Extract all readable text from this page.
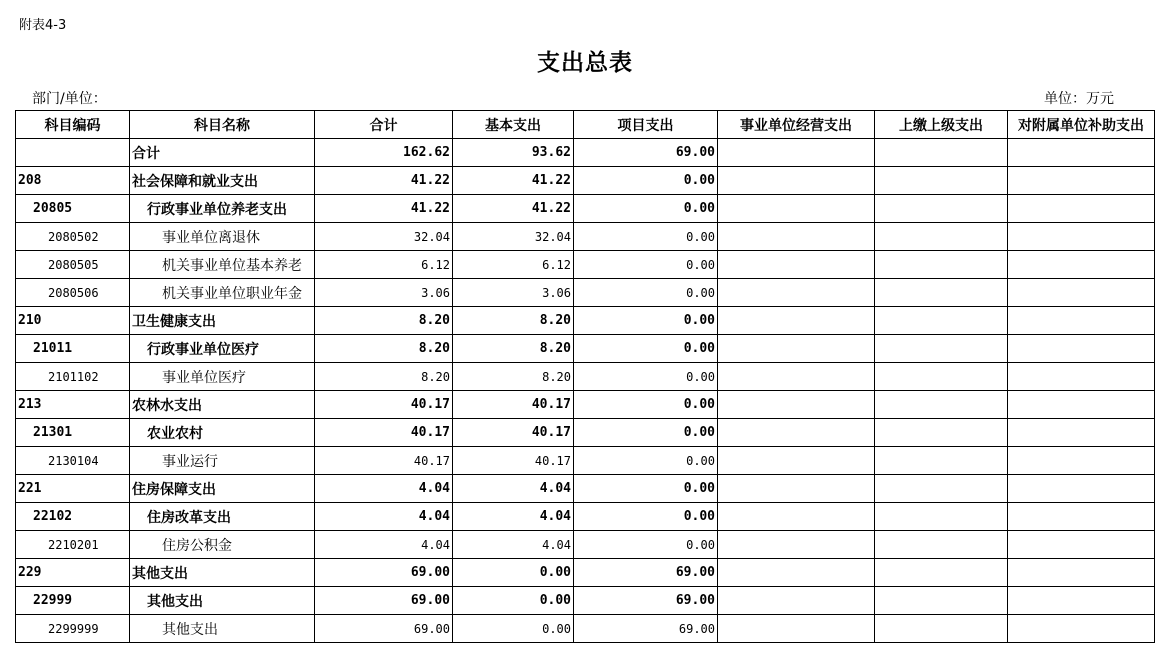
附表4-3
支出总表
部门/单位：	单位：万元
科目编码	科目名称	合计	基本支出	项目支出	事业单位经营支出	上缴上级支出	对附属单位补助支出
	合计	162.62	93.62	69.00			
208	社会保障和就业支出	41.22	41.22	0.00			
20805	行政事业单位养老支出	41.22	41.22	0.00			
2080502	事业单位离退休	32.04	32.04	0.00			
2080505	机关事业单位基本养老	6.12	6.12	0.00			
2080506	机关事业单位职业年金	3.06	3.06	0.00			
210	卫生健康支出	8.20	8.20	0.00			
21011	行政事业单位医疗	8.20	8.20	0.00			
2101102	事业单位医疗	8.20	8.20	0.00			
213	农林水支出	40.17	40.17	0.00			
21301	农业农村	40.17	40.17	0.00			
2130104	事业运行	40.17	40.17	0.00			
221	住房保障支出	4.04	4.04	0.00			
22102	住房改革支出	4.04	4.04	0.00			
2210201	住房公积金	4.04	4.04	0.00			
229	其他支出	69.00	0.00	69.00			
22999	其他支出	69.00	0.00	69.00			
2299999	其他支出	69.00	0.00	69.00			
